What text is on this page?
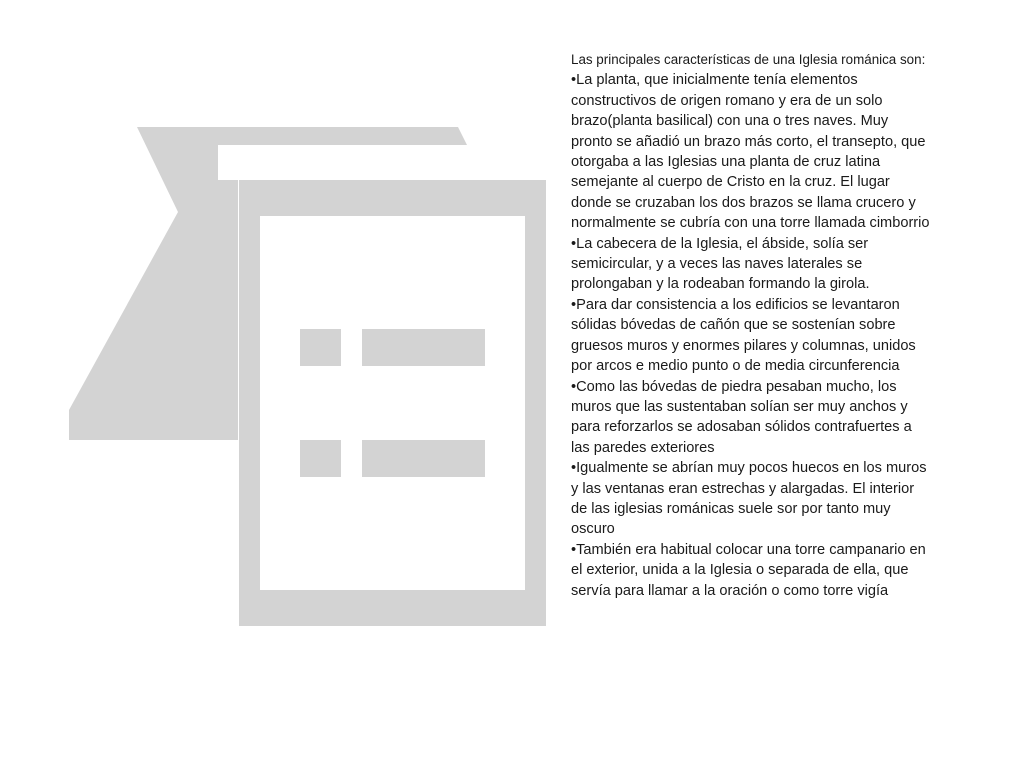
Las principales características de una Iglesia románica son:

•La planta, que inicialmente tenía elementos constructivos de origen romano y era de un solo brazo(planta basilical) con una o tres naves. Muy pronto se añadió un brazo más corto, el transepto, que otorgaba a las Iglesias una planta de cruz latina semejante al cuerpo de Cristo en la cruz. El lugar donde se cruzaban los dos brazos se llama crucero y normalmente se cubría con una torre llamada cimborrio
•La cabecera de la Iglesia, el ábside, solía ser semicircular, y a veces las naves laterales se prolongaban y la rodeaban formando la girola.
•Para dar consistencia a los edificios se levantaron sólidas bóvedas de cañón que se sostenían sobre gruesos muros y enormes pilares y columnas, unidos por arcos e medio punto o de media circunferencia
•Como las bóvedas de piedra pesaban mucho, los muros que las sustentaban solían ser muy anchos y para reforzarlos se adosaban sólidos contrafuertes a las paredes exteriores
•Igualmente se abrían muy pocos huecos en los muros y las ventanas eran estrechas y alargadas. El interior de las iglesias románicas suele sor por tanto muy oscuro
•También era habitual colocar una torre campanario en el exterior, unida a la Iglesia o separada de ella, que servía para llamar a la oración o como torre vigía
